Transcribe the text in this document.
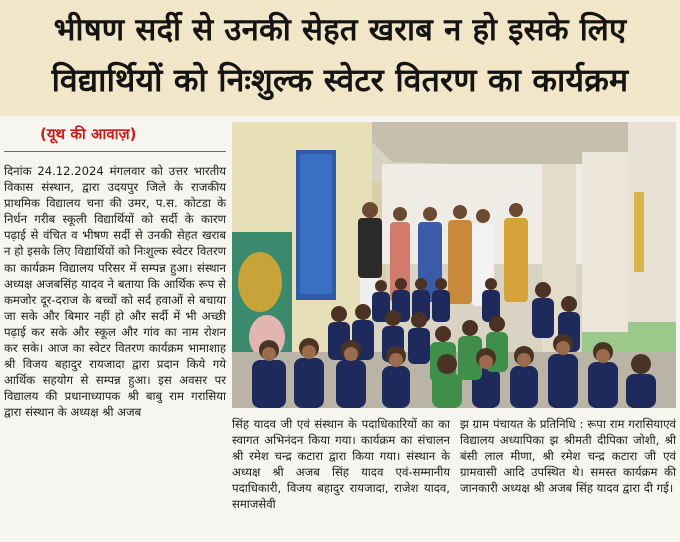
भीषण सर्दी से उनकी सेहत खराब न हो इसके लिए
विद्यार्थियों को निःशुल्क स्वेटर वितरण का कार्यक्रम
(यूथ की आवाज़)

दिनांक 24.12.2024 मंगलवार को उत्तर भारतीय विकास संस्थान, द्वारा उदयपुर जिले के राजकीय प्राथमिक विद्यालय चना की उमर, प.स. कोटडा के निर्धन गरीब स्कूली विद्यार्थियों को सर्दी के कारण पढ़ाई से वंचित व भीषण सर्दी से उनकी सेहत खराब न हो इसके लिए विद्यार्थियों को निःशुल्क स्वेटर वितरण का कार्यक्रम विद्यालय परिसर में सम्पन्न हुआ। संस्थान अध्यक्ष अजबसिंह यादव ने बताया कि आर्थिक रूप से कमजोर दूर-दराज के बच्चों को सर्द हवाओं से बचाया जा सके और बिमार नहीं हो और सर्दी में भी अच्छी पढ़ाई कर सके और स्कूल और गांव का नाम रोशन कर सके। आज का स्वेटर वितरण कार्यक्रम भामाशाह श्री विजय बहादुर रायजादा द्वारा प्रदान किये गये आर्थिक सहयोग से सम्पन्न हुआ। इस अवसर पर विद्यालय की प्रधानाध्यापक श्री बाबु राम गरासिया द्वारा संस्थान के अध्यक्ष श्री अजब

सिंह यादव जी एवं संस्थान के पदाधिकारियों का का स्वागत अभिनंदन किया गया। कार्यक्रम का संचालन श्री रमेश चन्द्र कटारा द्वारा किया गया। संस्थान के अध्यक्ष श्री अजब सिंह यादव एवं-सम्मानीय पदाधिकारी, विजय बहादुर रायजादा, राजेश यादव, समाजसेवी

झ ग्राम पंचायत के प्रतिनिधि : रूपा राम गरासियाएवं विद्यालय अध्यापिका झ श्रीमती दीपिका जोशी, श्री बंसी लाल मीणा, श्री रमेश चन्द्र कटारा जी एवं ग्रामवासी आदि उपस्थित थे। समस्त कार्यक्रम की जानकारी अध्यक्ष श्री अजब सिंह यादव द्वारा दी गई।
